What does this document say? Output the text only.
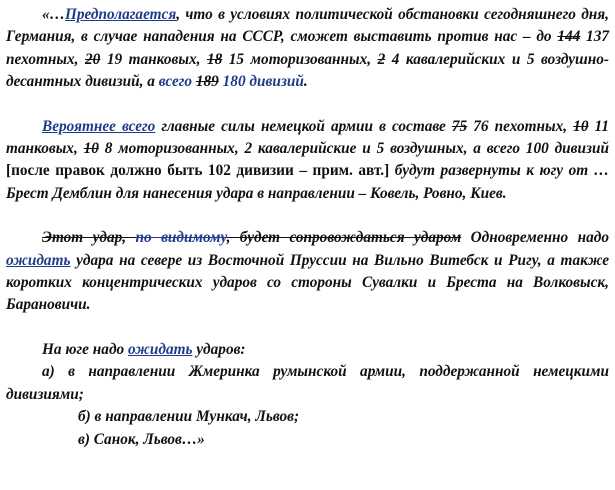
«…Предполагается, что в условиях политической обстановки сегодняшнего дня, Германия, в случае нападения на СССР, сможет выставить против нас – до 144 137 пехотных, 20 19 танковых, 18 15 моторизованных, 2 4 кавалерийских и 5 воздушно-десантных дивизий, а всего 189 180 дивизий.

Вероятнее всего главные силы немецкой армии в составе 75 76 пехотных, 10 11 танковых, 10 8 моторизованных, 2 кавалерийские и 5 воздушных, а всего 100 дивизий [после правок должно быть 102 дивизии – прим. авт.] будут развернуты к югу от … Брест Демблин для нанесения удара в направлении – Ковель, Ровно, Киев.

Этот удар, по видимому, будет сопровождаться ударом Одновременно надо ожидать удара на севере из Восточной Пруссии на Вильно Витебск и Ригу, а также коротких концентрических ударов со стороны Сувалки и Бреста на Волковыск, Барановичи.

На юге надо ожидать ударов:
а) в направлении Жмеринка румынской армии, поддержанной немецкими дивизиями;
б) в направлении Мункач, Львов;
в) Санок, Львов…»
